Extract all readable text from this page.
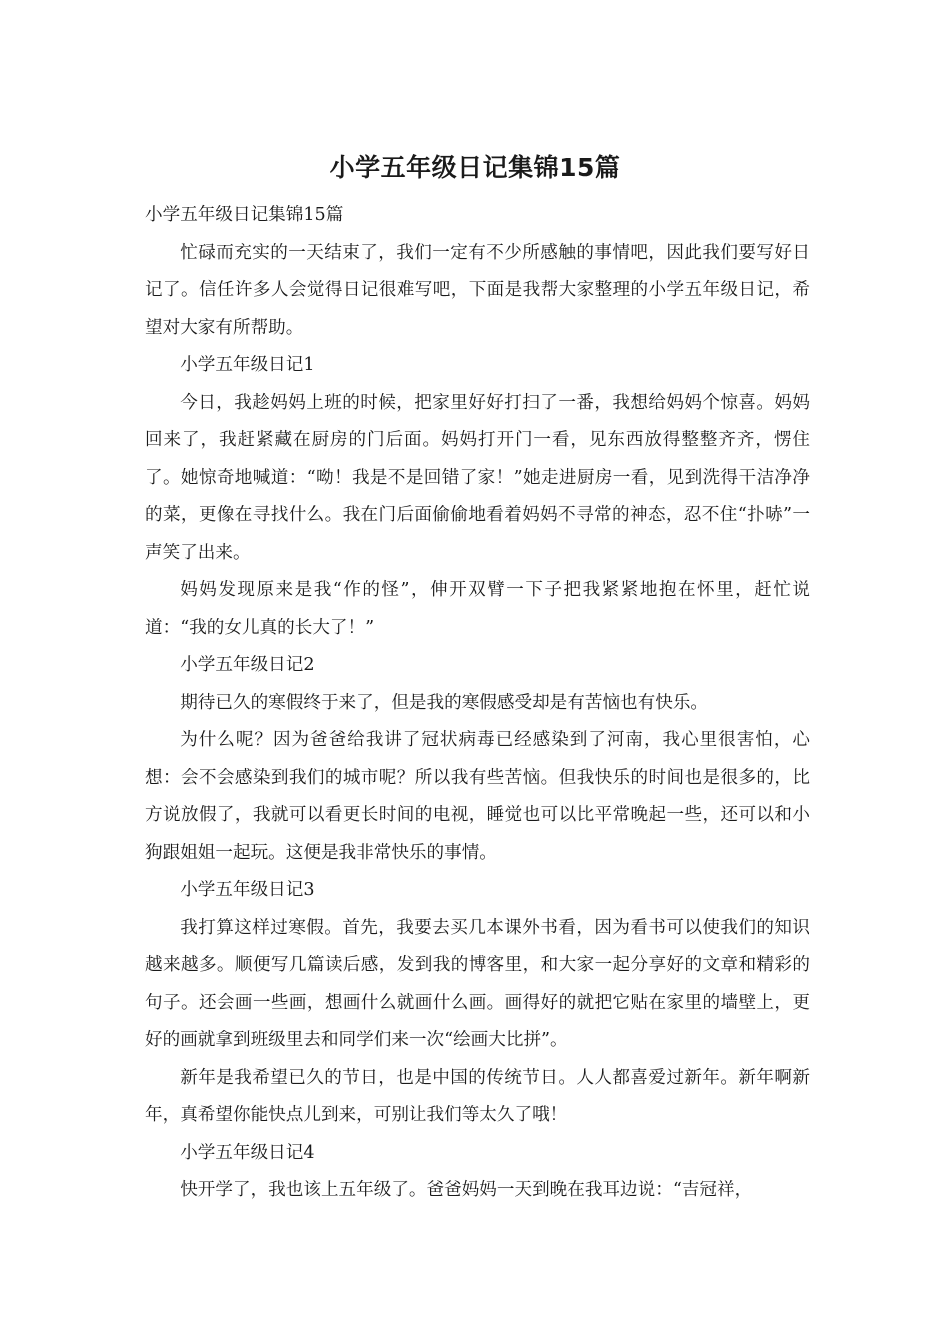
小学五年级日记集锦15篇

小学五年级日记集锦15篇

忙碌而充实的一天结束了，我们一定有不少所感触的事情吧，因此我们要写好日记了。信任许多人会觉得日记很难写吧，下面是我帮大家整理的小学五年级日记，希望对大家有所帮助。

小学五年级日记1

今日，我趁妈妈上班的时候，把家里好好打扫了一番，我想给妈妈个惊喜。妈妈回来了，我赶紧藏在厨房的门后面。妈妈打开门一看，见东西放得整整齐齐，愣住了。她惊奇地喊道：“呦！我是不是回错了家！”她走进厨房一看，见到洗得干洁净净的菜，更像在寻找什么。我在门后面偷偷地看着妈妈不寻常的神态，忍不住“扑哧”一声笑了出来。

妈妈发现原来是我“作的怪”，伸开双臂一下子把我紧紧地抱在怀里，赶忙说道：“我的女儿真的长大了！”

小学五年级日记2

期待已久的寒假终于来了，但是我的寒假感受却是有苦恼也有快乐。

为什么呢？因为爸爸给我讲了冠状病毒已经感染到了河南，我心里很害怕，心想：会不会感染到我们的城市呢？所以我有些苦恼。但我快乐的时间也是很多的，比方说放假了，我就可以看更长时间的电视，睡觉也可以比平常晚起一些，还可以和小狗跟姐姐一起玩。这便是我非常快乐的事情。

小学五年级日记3

我打算这样过寒假。首先，我要去买几本课外书看，因为看书可以使我们的知识越来越多。顺便写几篇读后感，发到我的博客里，和大家一起分享好的文章和精彩的句子。还会画一些画，想画什么就画什么画。画得好的就把它贴在家里的墙壁上，更好的画就拿到班级里去和同学们来一次“绘画大比拼”。

新年是我希望已久的节日，也是中国的传统节日。人人都喜爱过新年。新年啊新年，真希望你能快点儿到来，可别让我们等太久了哦！

小学五年级日记4

快开学了，我也该上五年级了。爸爸妈妈一天到晚在我耳边说：“吉冠祥，
